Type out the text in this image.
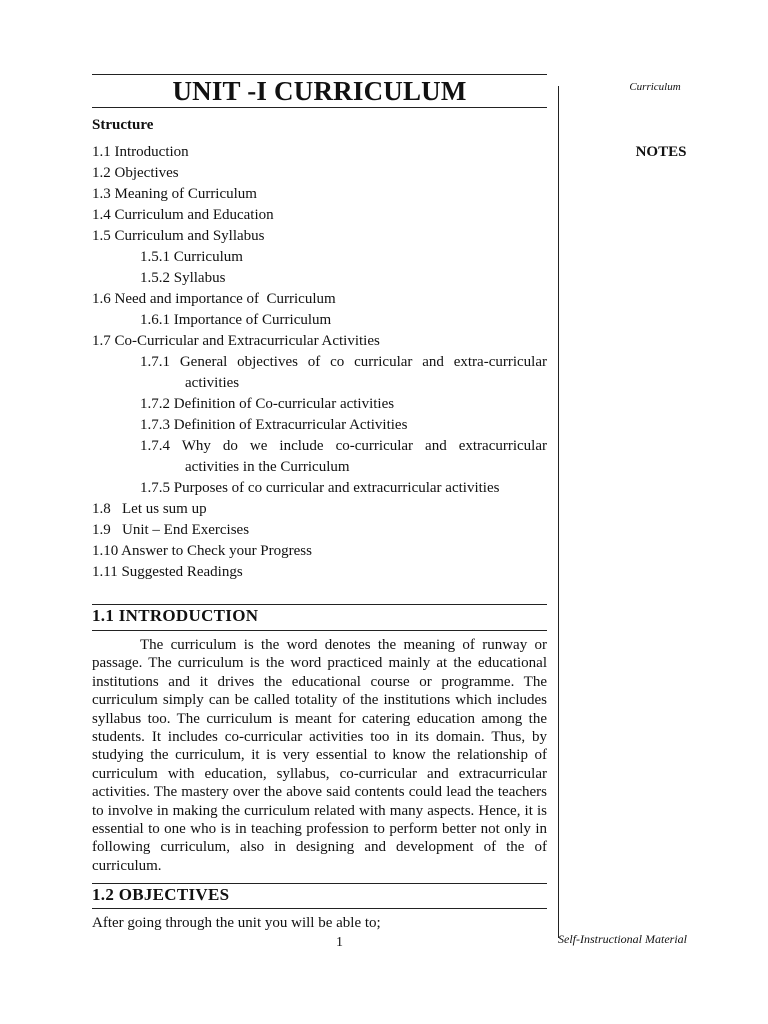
UNIT -I CURRICULUM	Curriculum
NOTES
Structure

1.1 Introduction

1.2 Objectives

1.3 Meaning of Curriculum

1.4 Curriculum and Education

1.5 Curriculum and Syllabus

1.5.1 Curriculum

1.5.2 Syllabus

1.6 Need and importance of  Curriculum

1.6.1 Importance of Curriculum

1.7 Co-Curricular and Extracurricular Activities

1.7.1 General objectives of co curricular and extra-curricular

activities

1.7.2 Definition of Co-curricular activities

1.7.3 Definition of Extracurricular Activities

1.7.4 Why do we include co-curricular and extracurricular

activities in the Curriculum

1.7.5 Purposes of co curricular and extracurricular activities

1.8   Let us sum up

1.9   Unit – End Exercises

1.10 Answer to Check your Progress

1.11 Suggested Readings

1.1 INTRODUCTION

The curriculum is the word denotes the meaning of runway or passage. The curriculum is the word practiced mainly at the educational institutions and it drives the educational course or programme. The curriculum simply can be called totality of the institutions which includes syllabus too. The curriculum is meant for catering education among the students. It includes co-curricular activities too in its domain. Thus, by studying the curriculum, it is very essential to know the relationship of curriculum with education, syllabus, co-curricular and extracurricular activities. The mastery over the above said contents could lead the teachers to involve in making the curriculum related with many aspects. Hence, it is essential to one who is in teaching profession to perform better not only in following curriculum, also in designing and development of the of curriculum.

1.2 OBJECTIVES

After going through the unit you will be able to;

1	Self-Instructional Material
